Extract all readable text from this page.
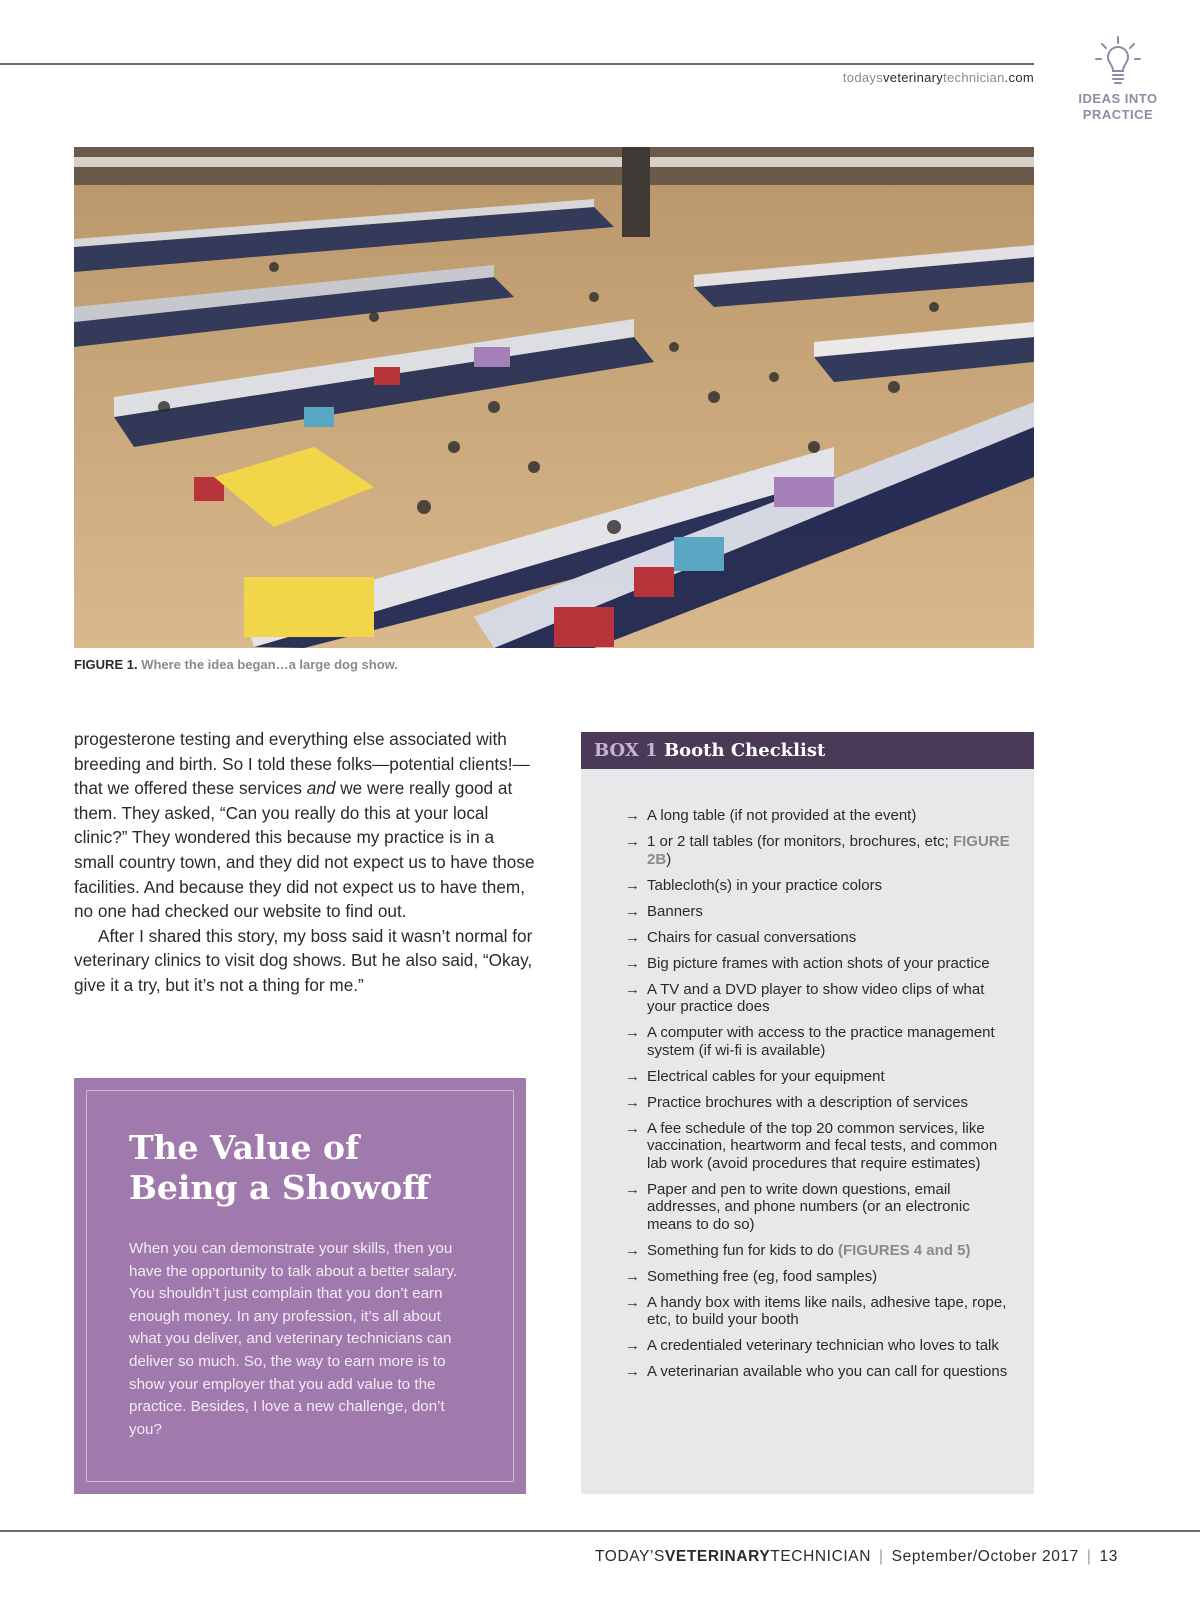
todaysveterinarytechnician.com
IDEAS INTO
PRACTICE
FIGURE 1. Where the idea began…a large dog show.

progesterone testing and everything else associated with breeding and birth. So I told these folks—potential clients!—that we offered these services and we were really good at them. They asked, “Can you really do this at your local clinic?” They wondered this because my practice is in a small country town, and they did not expect us to have those facilities. And because they did not expect us to have them, no one had checked our website to find out.

After I shared this story, my boss said it wasn’t normal for veterinary clinics to visit dog shows. But he also said, “Okay, give it a try, but it’s not a thing for me.”

The Value of
Being a Showoff
When you can demonstrate your skills, then you have the opportunity to talk about a better salary. You shouldn’t just complain that you don’t earn enough money. In any profession, it’s all about what you deliver, and veterinary technicians can deliver so much. So, the way to earn more is to show your employer that you add value to the practice. Besides, I love a new challenge, don’t you?
BOX 1 Booth Checklist
→ A long table (if not provided at the event)
→ 1 or 2 tall tables (for monitors, brochures, etc; FIGURE 2B)
→ Tablecloth(s) in your practice colors
→ Banners
→ Chairs for casual conversations
→ Big picture frames with action shots of your practice
→ A TV and a DVD player to show video clips of what your practice does
→ A computer with access to the practice management system (if wi-fi is available)
→ Electrical cables for your equipment
→ Practice brochures with a description of services
→ A fee schedule of the top 20 common services, like vaccination, heartworm and fecal tests, and common lab work (avoid procedures that require estimates)
→ Paper and pen to write down questions, email addresses, and phone numbers (or an electronic means to do so)
→ Something fun for kids to do (FIGURES 4 and 5)
→ Something free (eg, food samples)
→ A handy box with items like nails, adhesive tape, rope, etc, to build your booth
→ A credentialed veterinary technician who loves to talk
→ A veterinarian available who you can call for questions
TODAY’SVETERINARYTECHNICIAN | September/October 2017 | 13
